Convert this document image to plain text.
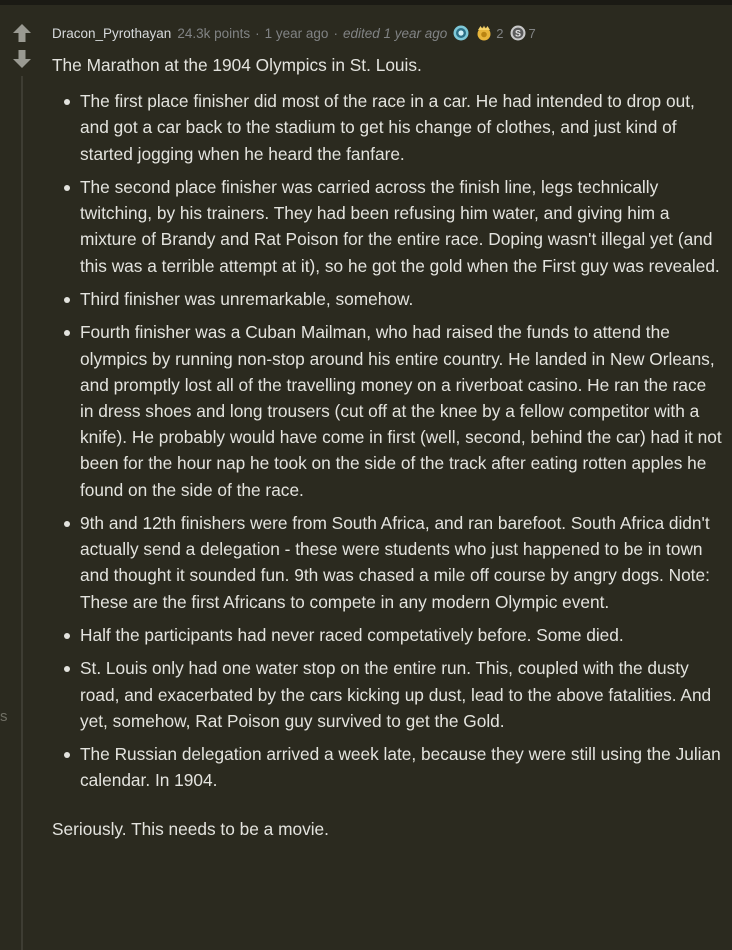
s
Dracon_Pyrothayan 24.3k points · 1 year ago · edited 1 year ago	2 S 7

The Marathon at the 1904 Olympics in St. Louis.

The first place finisher did most of the race in a car. He had intended to drop out, and got a car back to the stadium to get his change of clothes, and just kind of started jogging when he heard the fanfare.
The second place finisher was carried across the finish line, legs technically twitching, by his trainers. They had been refusing him water, and giving him a mixture of Brandy and Rat Poison for the entire race. Doping wasn't illegal yet (and this was a terrible attempt at it), so he got the gold when the First guy was revealed.
Third finisher was unremarkable, somehow.
Fourth finisher was a Cuban Mailman, who had raised the funds to attend the olympics by running non-stop around his entire country. He landed in New Orleans, and promptly lost all of the travelling money on a riverboat casino. He ran the race in dress shoes and long trousers (cut off at the knee by a fellow competitor with a knife). He probably would have come in first (well, second, behind the car) had it not been for the hour nap he took on the side of the track after eating rotten apples he found on the side of the race.
9th and 12th finishers were from South Africa, and ran barefoot. South Africa didn't actually send a delegation - these were students who just happened to be in town and thought it sounded fun. 9th was chased a mile off course by angry dogs. Note: These are the first Africans to compete in any modern Olympic event.
Half the participants had never raced competatively before. Some died.
St. Louis only had one water stop on the entire run. This, coupled with the dusty road, and exacerbated by the cars kicking up dust, lead to the above fatalities. And yet, somehow, Rat Poison guy survived to get the Gold.
The Russian delegation arrived a week late, because they were still using the Julian calendar. In 1904.

Seriously. This needs to be a movie.
